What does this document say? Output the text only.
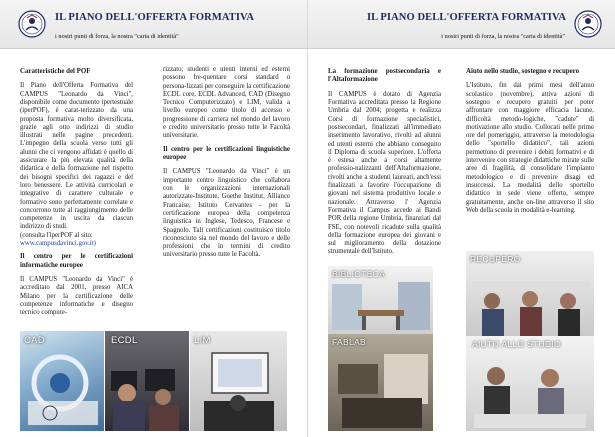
IL PIANO DELL'OFFERTA FORMATIVA
i nostri punti di forza, la nostra "carta di identità"
Caratteristiche del POF

Il Piano dell'Offerta Formativa del CAMPUS "Leonardo da Vinci", disponibile come documento ipertestuale (iperPOF), è carat-terizzato da una proposta formativa molto diversificata, grazie agli otto indirizzi di studio illustrati nelle pagine precedenti. L'impegno della scuola verso tutti gli alunni che ci vengono affidati è quello di assicurare la più elevata qualità della didattica e della formazione nel rispetto dei bisogni specifici dei ragazzi e del loro benessere. Le attività curricolari e integrative di carattere culturale e formativo sono perfettamente correlate e concorrono tutte al raggiungimento delle competenze in uscita da ciascun indirizzo di studi.
(consulta l'iperPOF al sito:
www.campusdavinci.gov.it)

Il centro per le certificazioni informatiche europee

Il CAMPUS "Leonardo da Vinci" è accreditato dal 2001, presso AICA Milano per la certificazione delle competenze informatiche e disegno tecnico compute-

rizzato; studenti e utenti interni ed esterni possono fre-quentare corsi standard o persona-lizzati per conseguire la certificazione ECDL core, ECDL Advanced, CAD (Disegno Tecnico Computerizzato) e LIM, valida a livello europeo come titolo di accesso e progressione di carriera nel mondo del lavoro e credito universitario presso tutte le Facoltà universitarie.

Il centro per le certificazioni linguistiche europee

Il CAMPUS "Leonardo da Vinci" è un importante centro linguistico che collabora con le organizzazioni internazionali autorizzate-Institute, Goethe Institut, Alliance Francaise, Istituto Cervantes - per la certificazione europea della competenza linguistica in Inglese, Tedesco, Francese e Spagnolo. Tali certificazioni costituisco titolo riconosciuto sia nel mondo del lavoro e delle professioni che in termini di credito universitario presso tutte le Facoltà.

CAD	ECDL	LIM
IL PIANO DELL'OFFERTA FORMATIVA
i nostri punti di forza, la nostra "carta di identità"
La formazione postsecondaria e l'Altaformazione

Il CAMPUS è dotato di Agenzia Formativa accreditata presso la Regione Umbria dal 2004; progetta e realizza Corsi di formazione specialistici, postsecondari, finalizzati all'immediato inserimento lavorativo, rivolti ad alunni ed utenti esterni che abbiano conseguito il Diploma di scuola superiore. L'offerta è estesa anche a corsi altamente professio-nalizzanti dell'Altaformazione, rivolti anche a studenti laureati, anch'essi finalizzati a favorire l'occupazione di giovani nel sistema produttivo locale e nazionale. Attraverso l' Agenzia Formativa il Campus accede ai Bandi POR della regione Umbria, finanziati dal FSE, con notevoli ricadute sulla qualità della formazione europea dei giovani e sul miglioramento della dotazione strumentale dell'Istituto.

Aiuto nello studio, sostegno e recupero

L'Istituto, fin dai primi mesi dell'anno scolastico (novembre), attiva azioni di sostegno e recupero gratuiti per poter affrontare con maggiore efficacia lacune, difficoltà metodo-logiche, "cadute" di motivazione allo studio. Collocati nelle prime ore del pomeriggio, attraverso la metodologia dello "sportello didattico", tali azioni permettono di prevenire i debiti formativi e di intervenire con strategie didattiche mirate sulle aree di fragilità, di consolidare l'impianto metodologico e di prevenire disagi ed insuccessi. La modalità dello sportello didattico in sede viene offerto, sempre gratuitamente, anche on-line attraverso il sito Web della scuola in modalità e-learning.

BIBLIOTECA
FABLAB
RECUPERO
AIUTO ALLO STUDIO
